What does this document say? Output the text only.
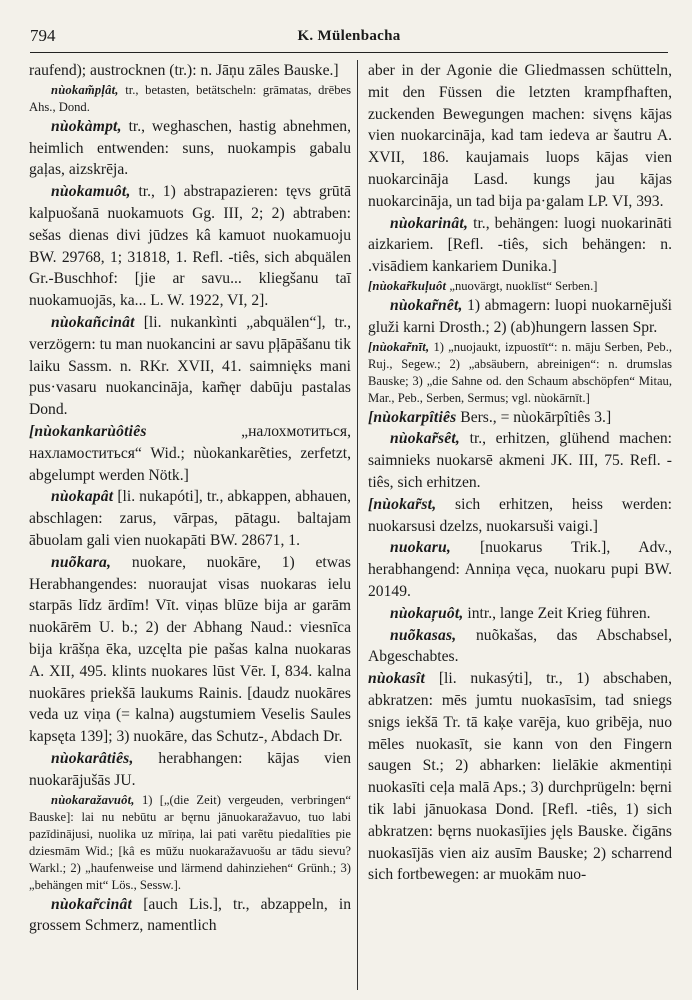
794	K. Mülenbacha

raufend); austrocknen (tr.): n. Jāņu zāles Bauske.]

nùokam̃pļât, tr., betasten, betätscheln: grāmatas, drēbes Ahs., Dond.

nùokàmpt, tr., weghaschen, hastig abnehmen, heimlich entwenden: suns, nuokampis gabalu gaļas, aizskrēja.

nùokamuôt, tr., 1) abstrapazieren: tęvs grūtā kalpuošanā nuokamuots Gg. III, 2; 2) abtraben: sešas dienas divi jūdzes kâ kamuot nuokamuoju BW. 29768, 1; 31818, 1. Refl. -tiês, sich abquälen Gr.-Buschhof: [jie ar savu... kliegšanu taī nuokamuojās, ka... L. W. 1922, VI, 2].

nùokañcinât [li. nukankìnti „abquälen“], tr., verzögern: tu man nuokancini ar savu pļāpāšanu tik laiku Sassm. n. RKr. XVII, 41. saimnięks mani pus·vasaru nuokancināja, kam̃ęr dabūju pastalas Dond.

[nùokankarùôtiês „налохмотиться, нахламоститься“ Wid.; nùokankarẽties, zerfetzt, abgelumpt werden Nötk.]

nùokapât [li. nukapóti], tr., abkappen, abhauen, abschlagen: zarus, vārpas, pātagu. baltajam ābuolam gali vien nuokapāti BW. 28671, 1.

nuõkara, nuokare, nuokāre, 1) etwas Herabhangendes: nuoraujat visas nuokaras ielu starpās līdz ārdīm! Vīt. viņas blūze bija ar garām nuokārēm U. b.; 2) der Abhang Naud.: viesnīca bija krāšņa ēka, uzcęlta pie pašas kalna nuokaras A. XII, 495. klints nuokares lūst Vēr. I, 834. kalna nuokāres priekšā laukums Rainis. [daudz nuokāres veda uz viņa (= kalna) augstumiem Veselis Saules kapsęta 139]; 3) nuokāre, das Schutz-, Abdach Dr.

nùokarâtiês, herabhangen: kājas vien nuokarājušās JU.

nùokaražavuôt, 1) [„(die Zeit) vergeuden, verbringen“ Bauske]: lai nu nebūtu ar bęrnu jānuokaražavuo, tuo labi pazīdinājusi, nuolika uz mīriņa, lai pati varẽtu piedalīties pie dziesmām Wid.; [kâ es mūžu nuokaražavuošu ar tādu sievu? Warkl.; 2) „haufenweise und lärmend dahinziehen“ Grünh.; 3) „behängen mit“ Lös., Sessw.].

nùokar̃cinât [auch Lis.], tr., abzappeln, in grossem Schmerz, namentlich

aber in der Agonie die Gliedmassen schütteln, mit den Füssen die letzten krampfhaften, zuckenden Bewegungen machen: sivęns kājas vien nuokarcināja, kad tam iedeva ar šautru A. XVII, 186. kaujamais luops kājas vien nuokarcināja Lasd. kungs jau kājas nuokarcināja, un tad bija pa·galam LP. VI, 393.

nùokarinât, tr., behängen: luogi nuokarināti aizkariem. [Refl. -tiês, sich behängen: n. .visādiem kankariem Dunika.]

[nùokar̃kuļuôt „nuovärgt, nuoklīst“ Serben.]

nùokar̃nêt, 1) abmagern: luopi nuokarnējuši gluži karni Drosth.; 2) (ab)hungern lassen Spr.

[nùokar̃nīt, 1) „nuojaukt, izpuostīt“: n. māju Serben, Peb., Ruj., Segew.; 2) „absäubern, abreinigen“: n. drumslas Bauske; 3) „die Sahne od. den Schaum abschöpfen“ Mitau, Mar., Peb., Serben, Sermus; vgl. nùokārnīt.]

[nùokarpîtiês Bers., = nùokārpîtiês 3.]

nùokar̃sêt, tr., erhitzen, glühend machen: saimnieks nuokarsē akmeni JK. III, 75. Refl. -tiês, sich erhitzen.

[nùokar̃st, sich erhitzen, heiss werden: nuokarsusi dzelzs, nuokarsuši vaigi.]

nuokaru, [nuokarus Trik.], Adv., herabhangend: Anniņa vęca, nuokaru pupi BW. 20149.

nùokaŗuôt, intr., lange Zeit Krieg führen.

nuõkasas, nuõkašas, das Abschabsel, Abgeschabtes.

nùokasît [li. nukasýti], tr., 1) abschaben, abkratzen: mēs jumtu nuokasīsim, tad sniegs snigs iekšā Tr. tā kaķe varēja, kuo gribēja, nuo mēles nuokasīt, sie kann von den Fingern saugen St.; 2) abharken: lielākie akmentiņi nuokasīti ceļa malā Aps.; 3) durchprügeln: bęrni tik labi jānuokasa Dond. [Refl. -tiês, 1) sich abkratzen: bęrns nuokasījies jęls Bauske. čigāns nuokasījās vien aiz ausīm Bauske; 2) scharrend sich fortbewegen: ar muokām nuo-
